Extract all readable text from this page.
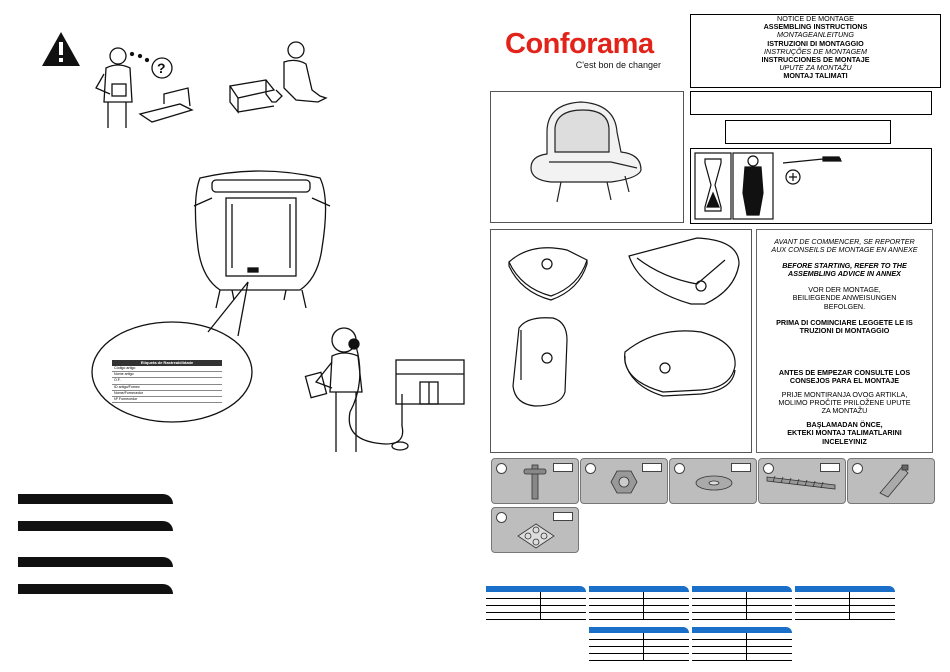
?
Etiqueta de Rastreabilidade
Código artigo
Nome artigo
O.F.
ID artigo/Fornec
Nome/Fornecedor
Nº Fornecedor
Conforama
C'est bon de changer
NOTICE DE MONTAGE
ASSEMBLING INSTRUCTIONS
MONTAGEANLEITUNG
ISTRUZIONI DI MONTAGGIO
INSTRUÇÕES DE MONTAGEM
INSTRUCCIONES DE MONTAJE
UPUTE ZA MONTAŽU
MONTAJ TALIMATI

AVANT DE COMMENCER, SE REPORTER

AUX CONSEILS DE MONTAGE EN ANNEXE

BEFORE STARTING, REFER TO THE

ASSEMBLING ADVICE IN ANNEX

VOR DER MONTAGE,

BEILIEGENDE ANWEISUNGEN

BEFOLGEN.

PRIMA DI COMINCIARE LEGGETE LE IS

TRUZIONI DI MONTAGGIO

ANTES DE EMPEZAR CONSULTE LOS

CONSEJOS PARA EL MONTAJE

PRIJE MONTIRANJA OVOG ARTIKLA,

MOLIMO PROČITE PRILOŽENE UPUTE

ZA MONTAŽU

BAŞLAMADAN ÖNCE,

EKTEKI MONTAJ TALIMATLARINI

INCELEYINIZ
